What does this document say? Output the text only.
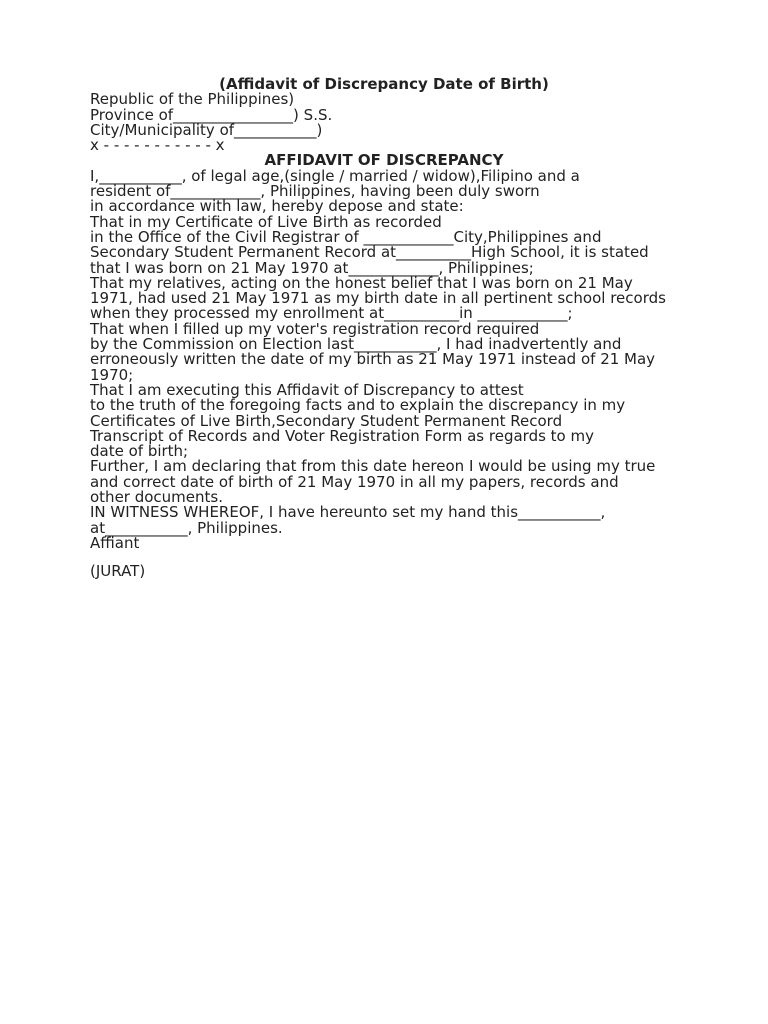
(Affidavit of Discrepancy Date of Birth)
Republic of the Philippines)
Province of________________) S.S.
City/Municipality of___________)
x - - - - - - - - - - - x
AFFIDAVIT OF DISCREPANCY
I,___________, of legal age,(single / married / widow),Filipino and a
resident of____________, Philippines, having been duly sworn
in accordance with law, hereby depose and state:
That in my Certificate of Live Birth as recorded
in the Office of the Civil Registrar of ____________City,Philippines and
Secondary Student Permanent Record at__________High School, it is stated
that I was born on 21 May 1970 at____________, Philippines;
That my relatives, acting on the honest belief that I was born on 21 May
1971, had used 21 May 1971 as my birth date in all pertinent school records
when they processed my enrollment at__________in ____________;
That when I filled up my voter's registration record required
by the Commission on Election last___________, I had inadvertently and
erroneously written the date of my birth as 21 May 1971 instead of 21 May
1970;
That I am executing this Affidavit of Discrepancy to attest
to the truth of the foregoing facts and to explain the discrepancy in my
Certificates of Live Birth,Secondary Student Permanent Record
Transcript of Records and Voter Registration Form as regards to my
date of birth;
Further, I am declaring that from this date hereon I would be using my true
and correct date of birth of 21 May 1970 in all my papers, records and
other documents.
IN WITNESS WHEREOF, I have hereunto set my hand this___________,
at___________, Philippines.
Affiant
(JURAT)
